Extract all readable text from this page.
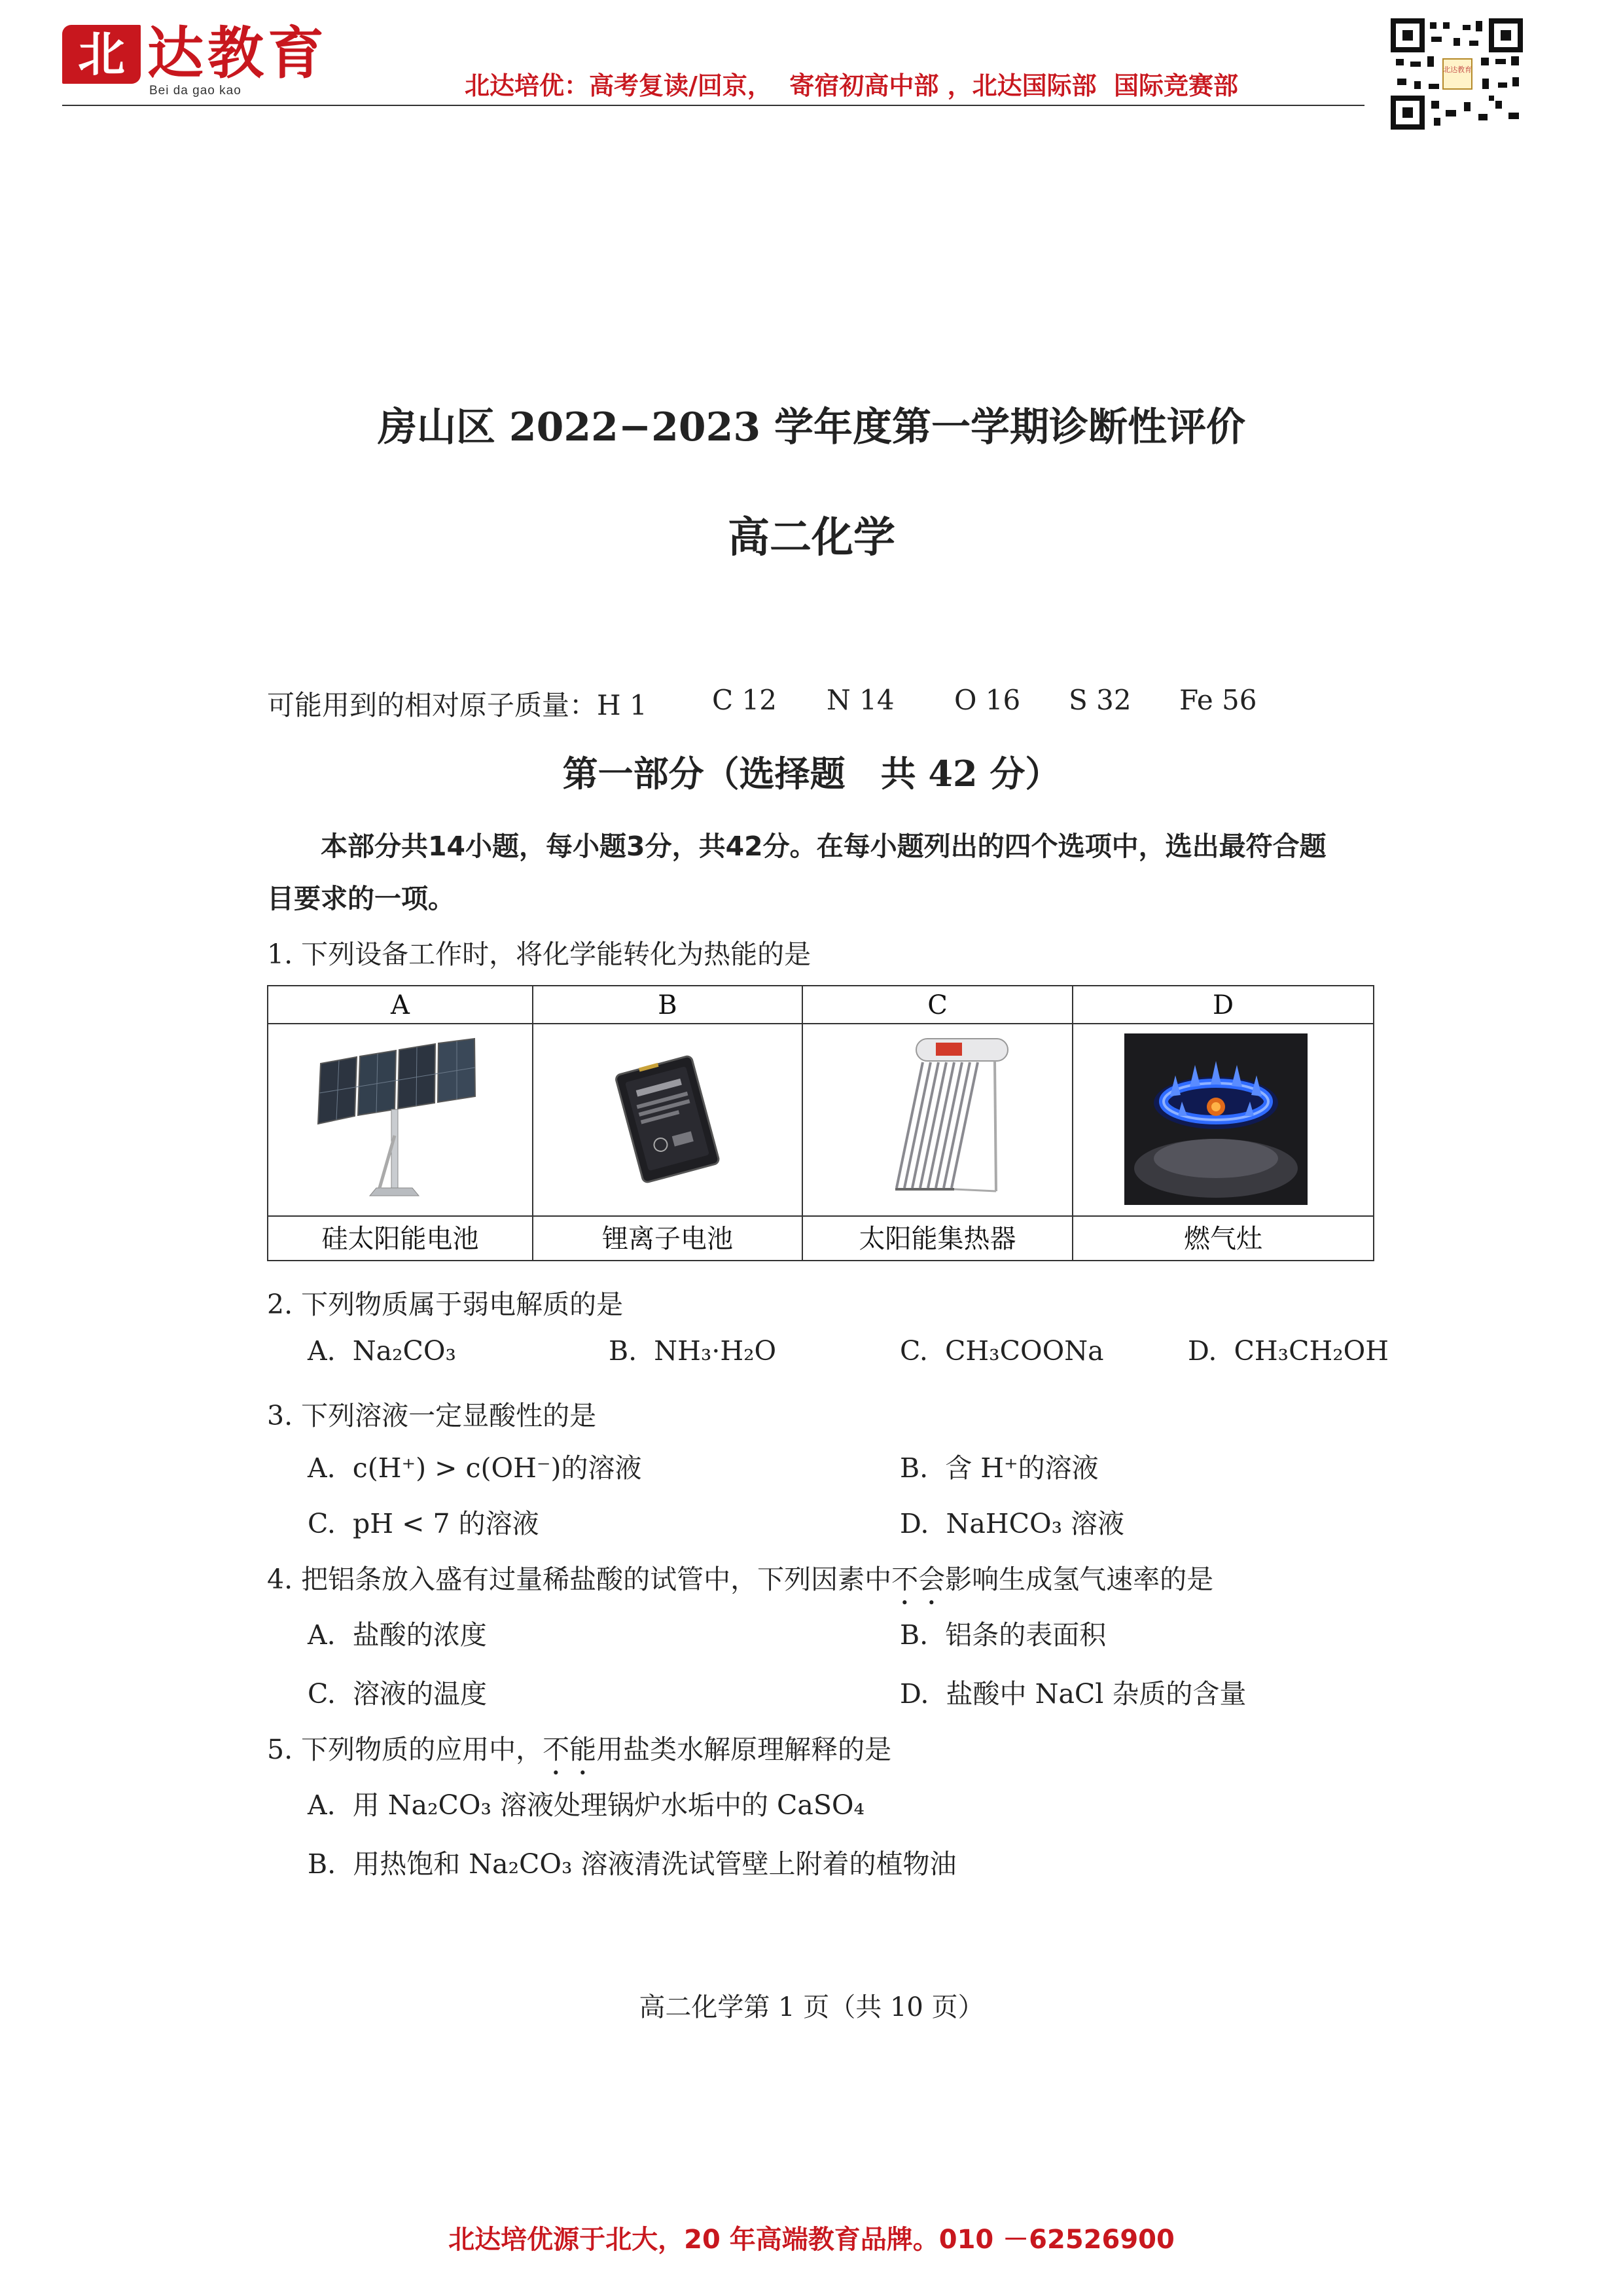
北 达教育
Bei da gao kao	北达培优：高考复读/回京，  寄宿初高中部 ，北达国际部  国际竞赛部
北达教育
房山区 2022−2023 学年度第一学期诊断性评价
高二化学

可能用到的相对原子质量：H 1

C 12

N 14

O 16

S 32

Fe 56

第一部分（选择题　共 42 分）
本部分共14小题，每小题3分，共42分。在每小题列出的四个选项中，选出最符合题
目要求的一项。
1. 下列设备工作时，将化学能转化为热能的是
A	B	C	D
硅太阳能电池	锂离子电池	太阳能集热器	燃气灶
2. 下列物质属于弱电解质的是
A. Na₂CO₃	B. NH₃·H₂O	C. CH₃COONa	D. CH₃CH₂OH
3. 下列溶液一定显酸性的是
A. c(H⁺) > c(OH⁻)的溶液	B. 含 H⁺的溶液
C. pH < 7 的溶液	D. NaHCO₃ 溶液
4. 把铝条放入盛有过量稀盐酸的试管中，下列因素中不会影响生成氢气速率的是
A. 盐酸的浓度	B. 铝条的表面积
C. 溶液的温度	D. 盐酸中 NaCl 杂质的含量
5. 下列物质的应用中，不能用盐类水解原理解释的是
A. 用 Na₂CO₃ 溶液处理锅炉水垢中的 CaSO₄
B. 用热饱和 Na₂CO₃ 溶液清洗试管壁上附着的植物油
高二化学第 1 页（共 10 页）
北达培优源于北大，20 年高端教育品牌。010 －62526900
